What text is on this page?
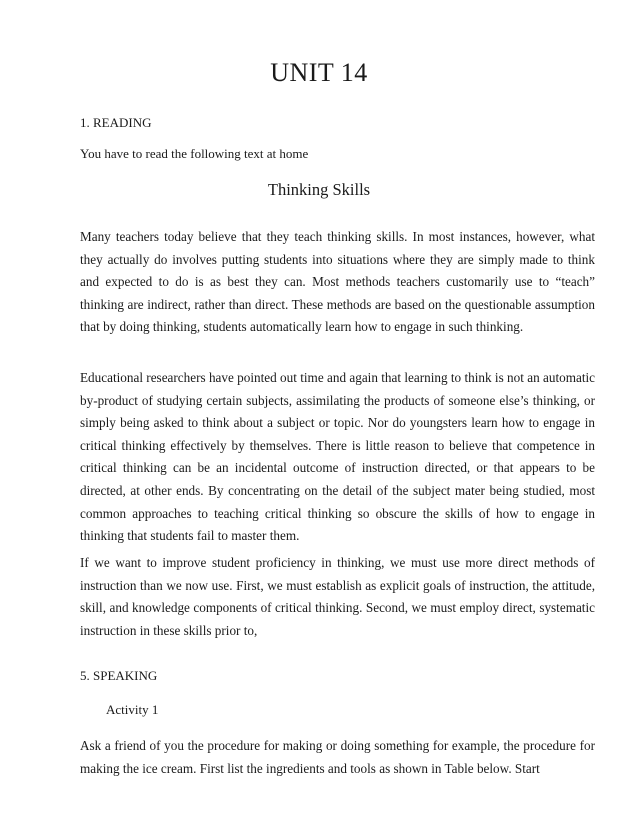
UNIT 14
1. READING
You have to read the following text at home
Thinking Skills

Many teachers today believe that they teach thinking skills. In most instances, however, what they actually do involves putting students into situations where they are simply made to think and expected to do is as best they can. Most methods teachers customarily use to “teach” thinking are indirect, rather than direct. These methods are based on the questionable assumption that by doing thinking, students automatically learn how to engage in such thinking.

Educational researchers have pointed out time and again that learning to think is not an automatic by-product of studying certain subjects, assimilating the products of someone else’s thinking, or simply being asked to think about a subject or topic. Nor do youngsters learn how to engage in critical thinking effectively by themselves. There is little reason to believe that competence in critical thinking can be an incidental outcome of instruction directed, or that appears to be directed, at other ends. By concentrating on the detail of the subject mater being studied, most common approaches to teaching critical thinking so obscure the skills of how to engage in thinking that students fail to master them.

If we want to improve student proficiency in thinking, we must use more direct methods of instruction than we now use. First, we must establish as explicit goals of instruction, the attitude, skill, and knowledge components of critical thinking. Second, we must employ direct, systematic instruction in these skills prior to,

5. SPEAKING
Activity 1

Ask a friend of you the procedure for making or doing something for example, the procedure for making the ice cream. First list the ingredients and tools as shown in Table below. Start
